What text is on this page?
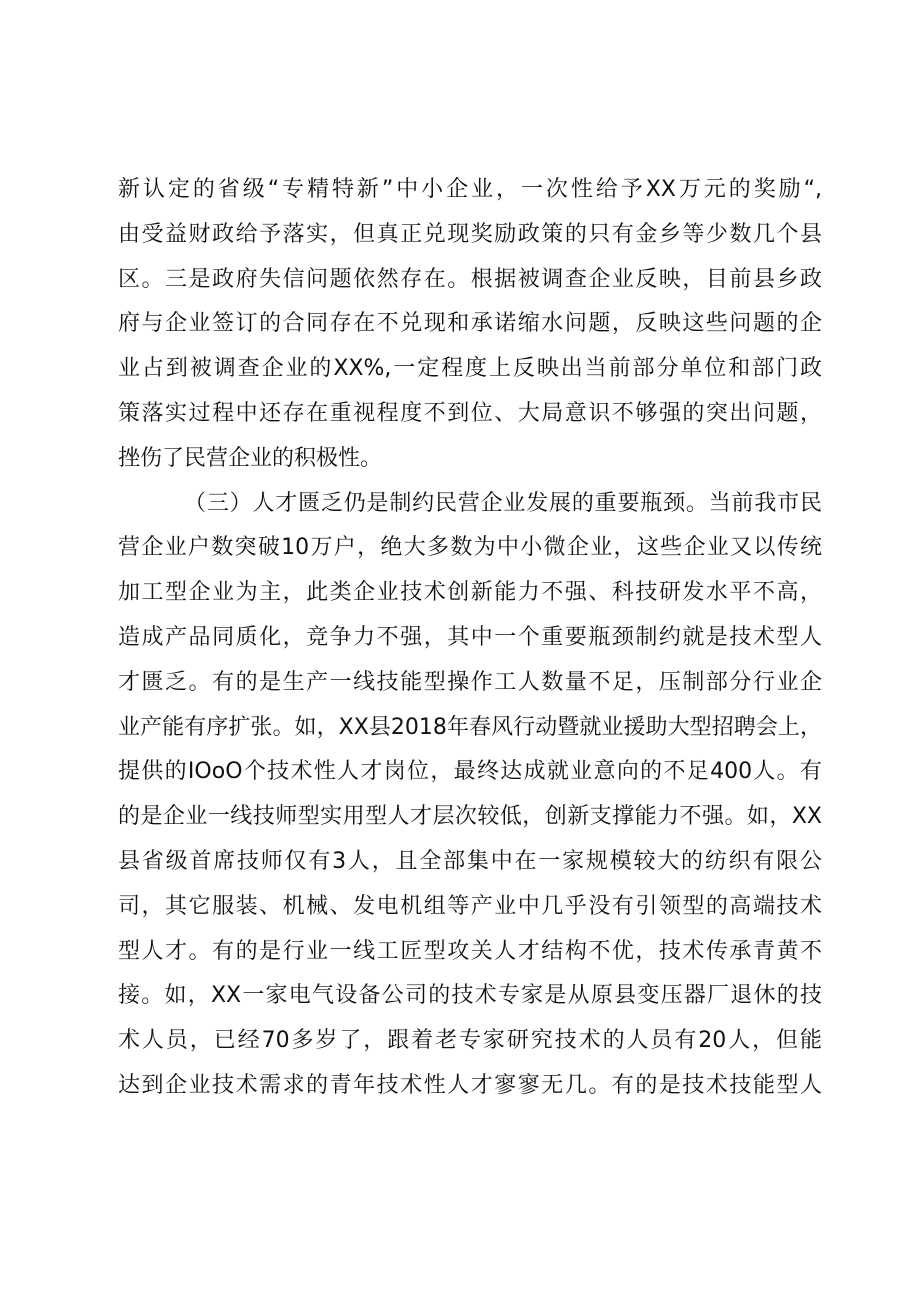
新认定的省级“专精特新”中小企业，一次性给予XX万元的奖励“,
由受益财政给予落实，但真正兑现奖励政策的只有金乡等少数几个县
区。三是政府失信问题依然存在。根据被调查企业反映，目前县乡政
府与企业签订的合同存在不兑现和承诺缩水问题，反映这些问题的企
业占到被调查企业的XX%,一定程度上反映出当前部分单位和部门政
策落实过程中还存在重视程度不到位、大局意识不够强的突出问题，
挫伤了民营企业的积极性。
（三）人才匮乏仍是制约民营企业发展的重要瓶颈。当前我市民
营企业户数突破10万户，绝大多数为中小微企业，这些企业又以传统
加工型企业为主，此类企业技术创新能力不强、科技研发水平不高，
造成产品同质化，竞争力不强，其中一个重要瓶颈制约就是技术型人
才匮乏。有的是生产一线技能型操作工人数量不足，压制部分行业企
业产能有序扩张。如，XX县2018年春风行动暨就业援助大型招聘会上，
提供的IOoO个技术性人才岗位，最终达成就业意向的不足400人。有
的是企业一线技师型实用型人才层次较低，创新支撑能力不强。如，XX
县省级首席技师仅有3人，且全部集中在一家规模较大的纺织有限公
司，其它服装、机械、发电机组等产业中几乎没有引领型的高端技术
型人才。有的是行业一线工匠型攻关人才结构不优，技术传承青黄不
接。如，XX一家电气设备公司的技术专家是从原县变压器厂退休的技
术人员，已经70多岁了，跟着老专家研究技术的人员有20人，但能
达到企业技术需求的青年技术性人才寥寥无几。有的是技术技能型人
